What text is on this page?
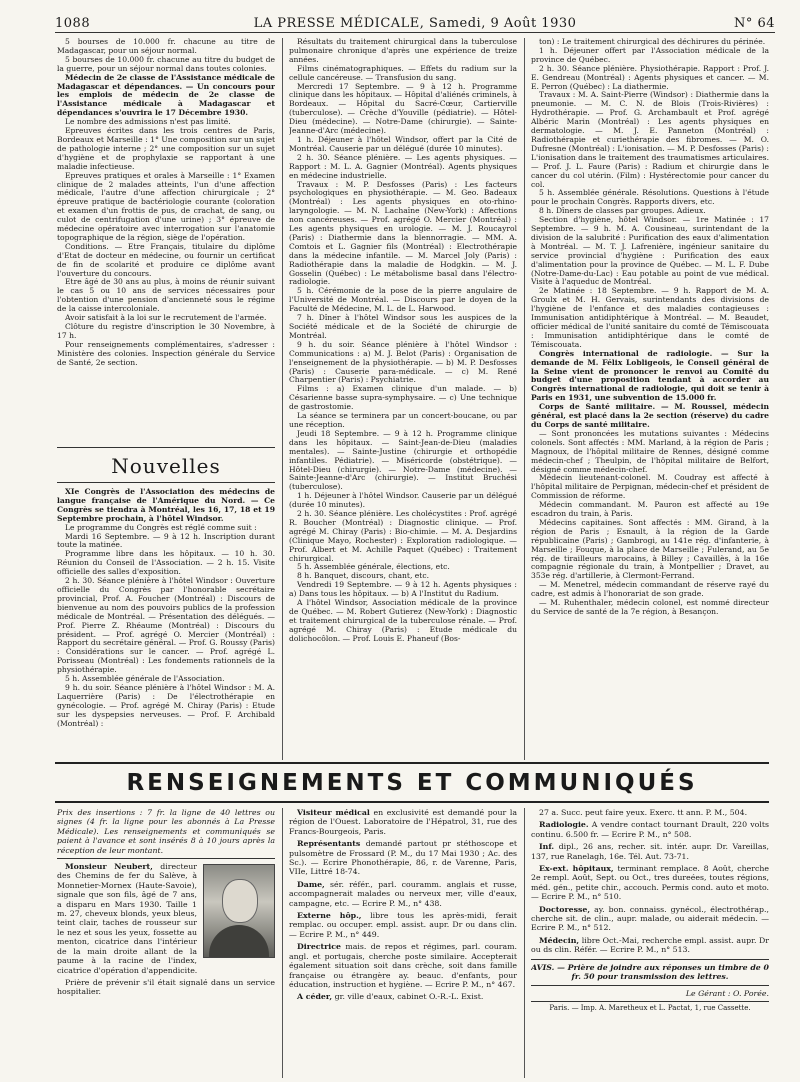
1088	LA PRESSE MÉDICALE, Samedi, 9 Août 1930	N° 64

5 bourses de 10.000 fr. chacune au titre de Madagascar, pour un séjour normal.

5 bourses de 10.000 fr. chacune au titre du budget de la guerre, pour un séjour normal dans toutes colonies.

Médecin de 2e classe de l'Assistance médicale de Madagascar et dépendances. — Un concours pour les emplois de médecin de 2e classe de l'Assistance médicale à Madagascar et dépendances s'ouvrira le 17 Décembre 1930.

Le nombre des admissions n'est pas limité.

Epreuves écrites dans les trois centres de Paris, Bordeaux et Marseille : 1° Une composition sur un sujet de pathologie interne ; 2° une composition sur un sujet d'hygiène et de prophylaxie se rapportant à une maladie infectieuse.

Epreuves pratiques et orales à Marseille : 1° Examen clinique de 2 malades atteints, l'un d'une affection médicale, l'autre d'une affection chirurgicale ; 2° épreuve pratique de bactériologie courante (coloration et examen d'un frottis de pus, de crachat, de sang, ou culot de centrifugation d'une urine) ; 3° épreuve de médecine opératoire avec interrogation sur l'anatomie topographique de la région, siège de l'opération.

Conditions. — Etre Français, titulaire du diplôme d'Etat de docteur en médecine, ou fournir un certificat de fin de scolarité et produire ce diplôme avant l'ouverture du concours.

Etre âgé de 30 ans au plus, à moins de réunir suivant le cas 5 ou 10 ans de services nécessaires pour l'obtention d'une pension d'ancienneté sous le régime de la caisse intercoloniale.

Avoir satisfait à la loi sur le recrutement de l'armée.

Clôture du registre d'inscription le 30 Novembre, à 17 h.

Pour renseignements complémentaires, s'adresser : Ministère des colonies. Inspection générale du Service de Santé, 2e section.

Nouvelles

XIe Congrès de l'Association des médecins de langue française de l'Amérique du Nord. — Ce Congrès se tiendra à Montréal, les 16, 17, 18 et 19 Septembre prochain, à l'hôtel Windsor.

Le programme du Congrès est réglé comme suit :

Mardi 16 Septembre. — 9 à 12 h. Inscription durant toute la matinée.

Programme libre dans les hôpitaux. — 10 h. 30. Réunion du Conseil de l'Association. — 2 h. 15. Visite officielle des salles d'exposition.

2 h. 30. Séance plénière à l'hôtel Windsor : Ouverture officielle du Congrès par l'honorable secrétaire provincial, Prof. A. Foucher (Montréal) : Discours de bienvenue au nom des pouvoirs publics de la profession médicale de Montréal. — Présentation des délégués. — Prof. Pierre Z. Rhéaume (Montréal) : Discours du président. — Prof. agrégé O. Mercier (Montréal) : Rapport du secrétaire général. — Prof. G. Roussy (Paris) : Considérations sur le cancer. — Prof. agrégé L. Porisseau (Montréal) : Les fondements rationnels de la physiothérapie.

5 h. Assemblée générale de l'Association.

9 h. du soir. Séance plénière à l'hôtel Windsor : M. A. Laquerrière (Paris) : De l'électrothérapie en gynécologie. — Prof. agrégé M. Chiray (Paris) : Etude sur les dyspepsies nerveuses. — Prof. F. Archibald (Montréal) :

Résultats du traitement chirurgical dans la tuberculose pulmonaire chronique d'après une expérience de treize années.

Films cinématographiques. — Effets du radium sur la cellule cancéreuse. — Transfusion du sang.

Mercredi 17 Septembre. — 9 à 12 h. Programme clinique dans les hôpitaux. — Hôpital d'aliénés criminels, à Bordeaux. — Hôpital du Sacré-Cœur, Cartierville (tuberculose). — Crèche d'Youville (pédiatrie). — Hôtel-Dieu (médecine). — Notre-Dame (chirurgie). — Sainte-Jeanne-d'Arc (médecine).

1 h. Déjeuner à l'hôtel Windsor, offert par la Cité de Montréal. Causerie par un délégué (durée 10 minutes).

2 h. 30. Séance plénière. — Les agents physiques. — Rapport : M. L. A. Gagnier (Montréal). Agents physiques en médecine industrielle.

Travaux : M. P. Desfosses (Paris) : Les facteurs psychologiques en physiothérapie. — M. Geo. Badeaux (Montréal) : Les agents physiques en oto-rhino-laryngologie. — M. N. Lachaîne (New-York) : Affections non cancéreuses. — Prof. agrégé O. Mercier (Montréal) : Les agents physiques en urologie. — M. J. Roucayrol (Paris) : Diathermie dans la blennorragie. — MM. A. Comtois et L. Gagnier fils (Montréal) : Electrothérapie dans la médecine infantile. — M. Marcel Joly (Paris) : Radiothérapie dans la maladie de Hodgkin. — M. J. Gosselin (Québec) : Le métabolisme basal dans l'électro-radiologie.

5 h. Cérémonie de la pose de la pierre angulaire de l'Université de Montréal. — Discours par le doyen de la Faculté de Médecine, M. L. de L. Harwood.

7 h. Dîner à l'hôtel Windsor sous les auspices de la Société médicale et de la Société de chirurgie de Montréal.

9 h. du soir. Séance plénière à l'hôtel Windsor : Communications : a) M. J. Belot (Paris) : Organisation de l'enseignement de la physiothérapie. — b) M. P. Desfosses (Paris) : Causerie para-médicale. — c) M. René Charpentier (Paris) : Psychiatrie.

Films : a) Examen clinique d'un malade. — b) Césarienne basse supra-symphysaire. — c) Une technique de gastrostomie.

La séance se terminera par un concert-boucane, ou par une réception.

Jeudi 18 Septembre. — 9 à 12 h. Programme clinique dans les hôpitaux. — Saint-Jean-de-Dieu (maladies mentales). — Sainte-Justine (chirurgie et orthopédie infantiles. Pédiatrie). — Miséricorde (obstétrique). — Hôtel-Dieu (chirurgie). — Notre-Dame (médecine). — Sainte-Jeanne-d'Arc (chirurgie). — Institut Bruchési (tuberculose).

1 h. Déjeuner à l'hôtel Windsor. Causerie par un délégué (durée 10 minutes).

2 h. 30. Séance plénière. Les cholécystites : Prof. agrégé R. Boucher (Montréal) : Diagnostic clinique. — Prof. agrégé M. Chiray (Paris) : Bio-chimie. — M. A. Desjardins (Clinique Mayo, Rochester) : Exploration radiologique. — Prof. Albert et M. Achille Paquet (Québec) : Traitement chirurgical.

5 h. Assemblée générale, élections, etc.

8 h. Banquet, discours, chant, etc.

Vendredi 19 Septembre. — 9 à 12 h. Agents physiques : a) Dans tous les hôpitaux. — b) A l'Institut du Radium.

A l'hôtel Windsor, Association médicale de la province de Québec. — M. Robert Gutierez (New-York) : Diagnostic et traitement chirurgical de la tuberculose rénale. — Prof. agrégé M. Chiray (Paris) : Etude médicale du dolichocôlon. — Prof. Louis E. Phaneuf (Bos-

ton) : Le traitement chirurgical des déchirures du périnée.

1 h. Déjeuner offert par l'Association médicale de la province de Québec.

2 h. 30. Séance plénière. Physiothérapie. Rapport : Prof. J. E. Gendreau (Montréal) : Agents physiques et cancer. — M. E. Perron (Québec) : La diathermie.

Travaux : M. A. Saint-Pierre (Windsor) : Diathermie dans la pneumonie. — M. C. N. de Blois (Trois-Rivières) : Hydrothérapie. — Prof. G. Archambault et Prof. agrégé Albéric Marin (Montréal) : Les agents physiques en dermatologie. — M. J. E. Panneton (Montréal) : Radiothérapie et curiethérapie des fibromes. — M. O. Dufresne (Montréal) : L'ionisation. — M. P. Desfosses (Paris) : L'ionisation dans le traitement des traumatismes articulaires. — Prof. J. L. Faure (Paris) : Radium et chirurgie dans le cancer du col utérin. (Film) : Hystérectomie pour cancer du col.

5 h. Assemblée générale. Résolutions. Questions à l'étude pour le prochain Congrès. Rapports divers, etc.

8 h. Dîners de classes par groupes. Adieux.

Section d'hygiène, hôtel Windsor. — 1re Matinée : 17 Septembre. — 9 h. M. A. Cousineau, surintendant de la division de la salubrité : Purification des eaux d'alimentation à Montréal. — M. T. J. Lafrenière, ingénieur sanitaire du service provincial d'hygiène : Purification des eaux d'alimentation pour la province de Québec. — M. L. F. Dube (Notre-Dame-du-Lac) : Eau potable au point de vue médical. Visite à l'aqueduc de Montréal.

2e Matinée : 18 Septembre. — 9 h. Rapport de M. A. Groulx et M. H. Gervais, surintendants des divisions de l'hygiène de l'enfance et des maladies contagieuses : Immunisation antidiphtérique à Montréal. — M. Beaudet, officier médical de l'unité sanitaire du comté de Témiscouata : Immunisation antidiphtérique dans le comté de Témiscouata.

Congrès international de radiologie. — Sur la demande de M. Félix Lobligeois, le Conseil général de la Seine vient de prononcer le renvoi au Comité du budget d'une proposition tendant à accorder au Congrès international de radiologie, qui doit se tenir à Paris en 1931, une subvention de 15.000 fr.

Corps de Santé militaire. — M. Roussel, médecin général, est placé dans la 2e section (réserve) du cadre du Corps de santé militaire.

— Sont prononcées les mutations suivantes : Médecins colonels. Sont affectés : MM. Marland, à la région de Paris ; Magnoux, de l'hôpital militaire de Rennes, désigné comme médecin-chef ; Theulpin, de l'hôpital militaire de Belfort, désigné comme médecin-chef.

Médecin lieutenant-colonel. M. Coudray est affecté à l'hôpital militaire de Perpignan, médecin-chef et président de Commission de réforme.

Médecin commandant. M. Pauron est affecté au 19e escadron du train, à Paris.

Médecins capitaines. Sont affectés : MM. Girand, à la région de Paris ; Esnault, à la région de la Garde républicaine (Paris) ; Gambrogi, au 141e rég. d'infanterie, à Marseille ; Fouque, à la place de Marseille ; Fulerand, au 5e rég. de tirailleurs marocains, à Billey ; Cavaillès, à la 16e compagnie régionale du train, à Montpellier ; Dravet, au 353e rég. d'artillerie, à Clermont-Ferrand.

— M. Menetrel, médecin commandant de réserve rayé du cadre, est admis à l'honorariat de son grade.

— M. Ruhenthaler, médecin colonel, est nommé directeur du Service de santé de la 7e région, à Besançon.

RENSEIGNEMENTS ET COMMUNIQUÉS

Prix des insertions : 7 fr. la ligne de 40 lettres ou signes (4 fr. la ligne pour les abonnés à La Presse Médicale). Les renseignements et communiqués se paient à l'avance et sont insérés 8 à 10 jours après la réception de leur montant.

Monsieur Neubert, directeur des Chemins de fer du Salève, à Monnetier-Mornex (Haute-Savoie), signale que son fils, âgé de 7 ans, a disparu en Mars 1930. Taille 1 m. 27, cheveux blonds, yeux bleus, teint clair, taches de rousseur sur le nez et sous les yeux, fossette au menton, cicatrice dans l'intérieur de la main droite allant de la paume à la racine de l'index, cicatrice d'opération d'appendicite.

Prière de prévenir s'il était signalé dans un service hospitalier.

Visiteur médical en exclusivité est demandé pour la région de l'Ouest. Laboratoire de l'Hépatrol, 31, rue des Francs-Bourgeois, Paris.

Représentants demandé partout pr stéthoscope et pulsomètre de Frossard (P. M., du 17 Mai 1930 ; Ac. des Sc.). — Ecrire Phonothérapie, 86, r. de Varenne, Paris, VIIe, Littré 18-74.

Dame, sér. référ., parl. couramm. anglais et russe, accompagnerait malades ou nerveux mer, ville d'eaux, campagne, etc. — Ecrire P. M., n° 438.

Externe hôp., libre tous les après-midi, ferait remplac. ou occuper. empl. assist. aupr. Dr ou dans clin. — Ecrire P. M., n° 449.

Directrice mais. de repos et régimes, parl. couram. angl. et portugais, cherche poste similaire. Accepterait également situation soit dans crèche, soit dans famille française ou étrangère ay. beauc. d'enfants, pour éducation, instruction et hygiène. — Ecrire P. M., n° 467.

A céder, gr. ville d'eaux, cabinet O.-R.-L. Exist.

27 a. Succ. peut faire yeux. Exerc. tt ann. P. M., 504.

Radiologie. A vendre contact tournant Drault, 220 volts continu. 6.500 fr. — Ecrire P. M., n° 508.

Inf. dipl., 26 ans, recher. sit. intér. aupr. Dr. Vareillas, 137, rue Ranelagh, 16e. Tél. Aut. 73-71.

Ex-ext. hôpitaux, terminant remplace. 8 Août, cherche 2e rempl. Août, Sept. ou Oct., tres dureées, toutes régions, méd. gén., petite chir., accouch. Permis cond. auto et moto. — Ecrire P. M., n° 510.

Doctoresse, ay. bon. connaiss. gynécol., électrothérap., cherche sit. de clin., aupr. malade, ou aiderait médecin. — Ecrire P. M., n° 512.

Médecin, libre Oct.-Mai, recherche empl. assist. aupr. Dr ou ds clin. Référ. — Ecrire P. M., n° 513.

AVIS. — Prière de joindre aux réponses un timbre de 0 fr. 50 pour transmission des lettres.

Le Gérant : O. Porée.

Paris. — Imp. A. Maretheux et L. Pactat, 1, rue Cassette.
